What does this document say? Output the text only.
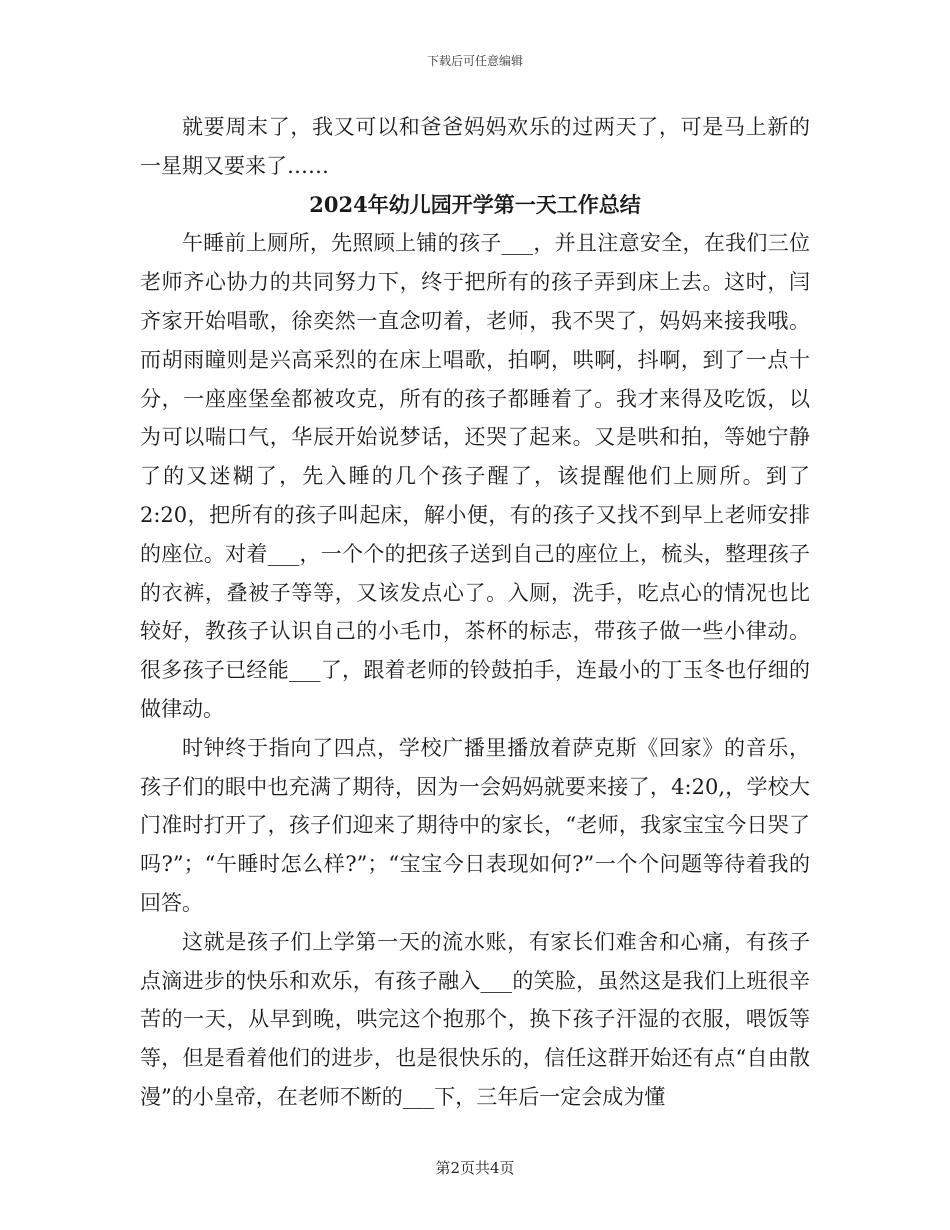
下载后可任意编辑

就要周末了，我又可以和爸爸妈妈欢乐的过两天了，可是马上新的一星期又要来了……

2024年幼儿园开学第一天工作总结

午睡前上厕所，先照顾上铺的孩子___，并且注意安全，在我们三位老师齐心协力的共同努力下，终于把所有的孩子弄到床上去。这时，闫齐家开始唱歌，徐奕然一直念叨着，老师，我不哭了，妈妈来接我哦。而胡雨瞳则是兴高采烈的在床上唱歌，拍啊，哄啊，抖啊，到了一点十分，一座座堡垒都被攻克，所有的孩子都睡着了。我才来得及吃饭，以为可以喘口气，华辰开始说梦话，还哭了起来。又是哄和拍，等她宁静了的又迷糊了，先入睡的几个孩子醒了，该提醒他们上厕所。到了2:20，把所有的孩子叫起床，解小便，有的孩子又找不到早上老师安排的座位。对着___，一个个的把孩子送到自己的座位上，梳头，整理孩子的衣裤，叠被子等等，又该发点心了。入厕，洗手，吃点心的情况也比较好，教孩子认识自己的小毛巾，茶杯的标志，带孩子做一些小律动。很多孩子已经能___了，跟着老师的铃鼓拍手，连最小的丁玉冬也仔细的做律动。

时钟终于指向了四点，学校广播里播放着萨克斯《回家》的音乐，孩子们的眼中也充满了期待，因为一会妈妈就要来接了，4:20,，学校大门准时打开了，孩子们迎来了期待中的家长，“老师，我家宝宝今日哭了吗?”；“午睡时怎么样?”；“宝宝今日表现如何?”一个个问题等待着我的回答。

这就是孩子们上学第一天的流水账，有家长们难舍和心痛，有孩子点滴进步的快乐和欢乐，有孩子融入___的笑脸，虽然这是我们上班很辛苦的一天，从早到晚，哄完这个抱那个，换下孩子汗湿的衣服，喂饭等等，但是看着他们的进步，也是很快乐的，信任这群开始还有点“自由散漫”的小皇帝，在老师不断的___下，三年后一定会成为懂

第2页共4页
